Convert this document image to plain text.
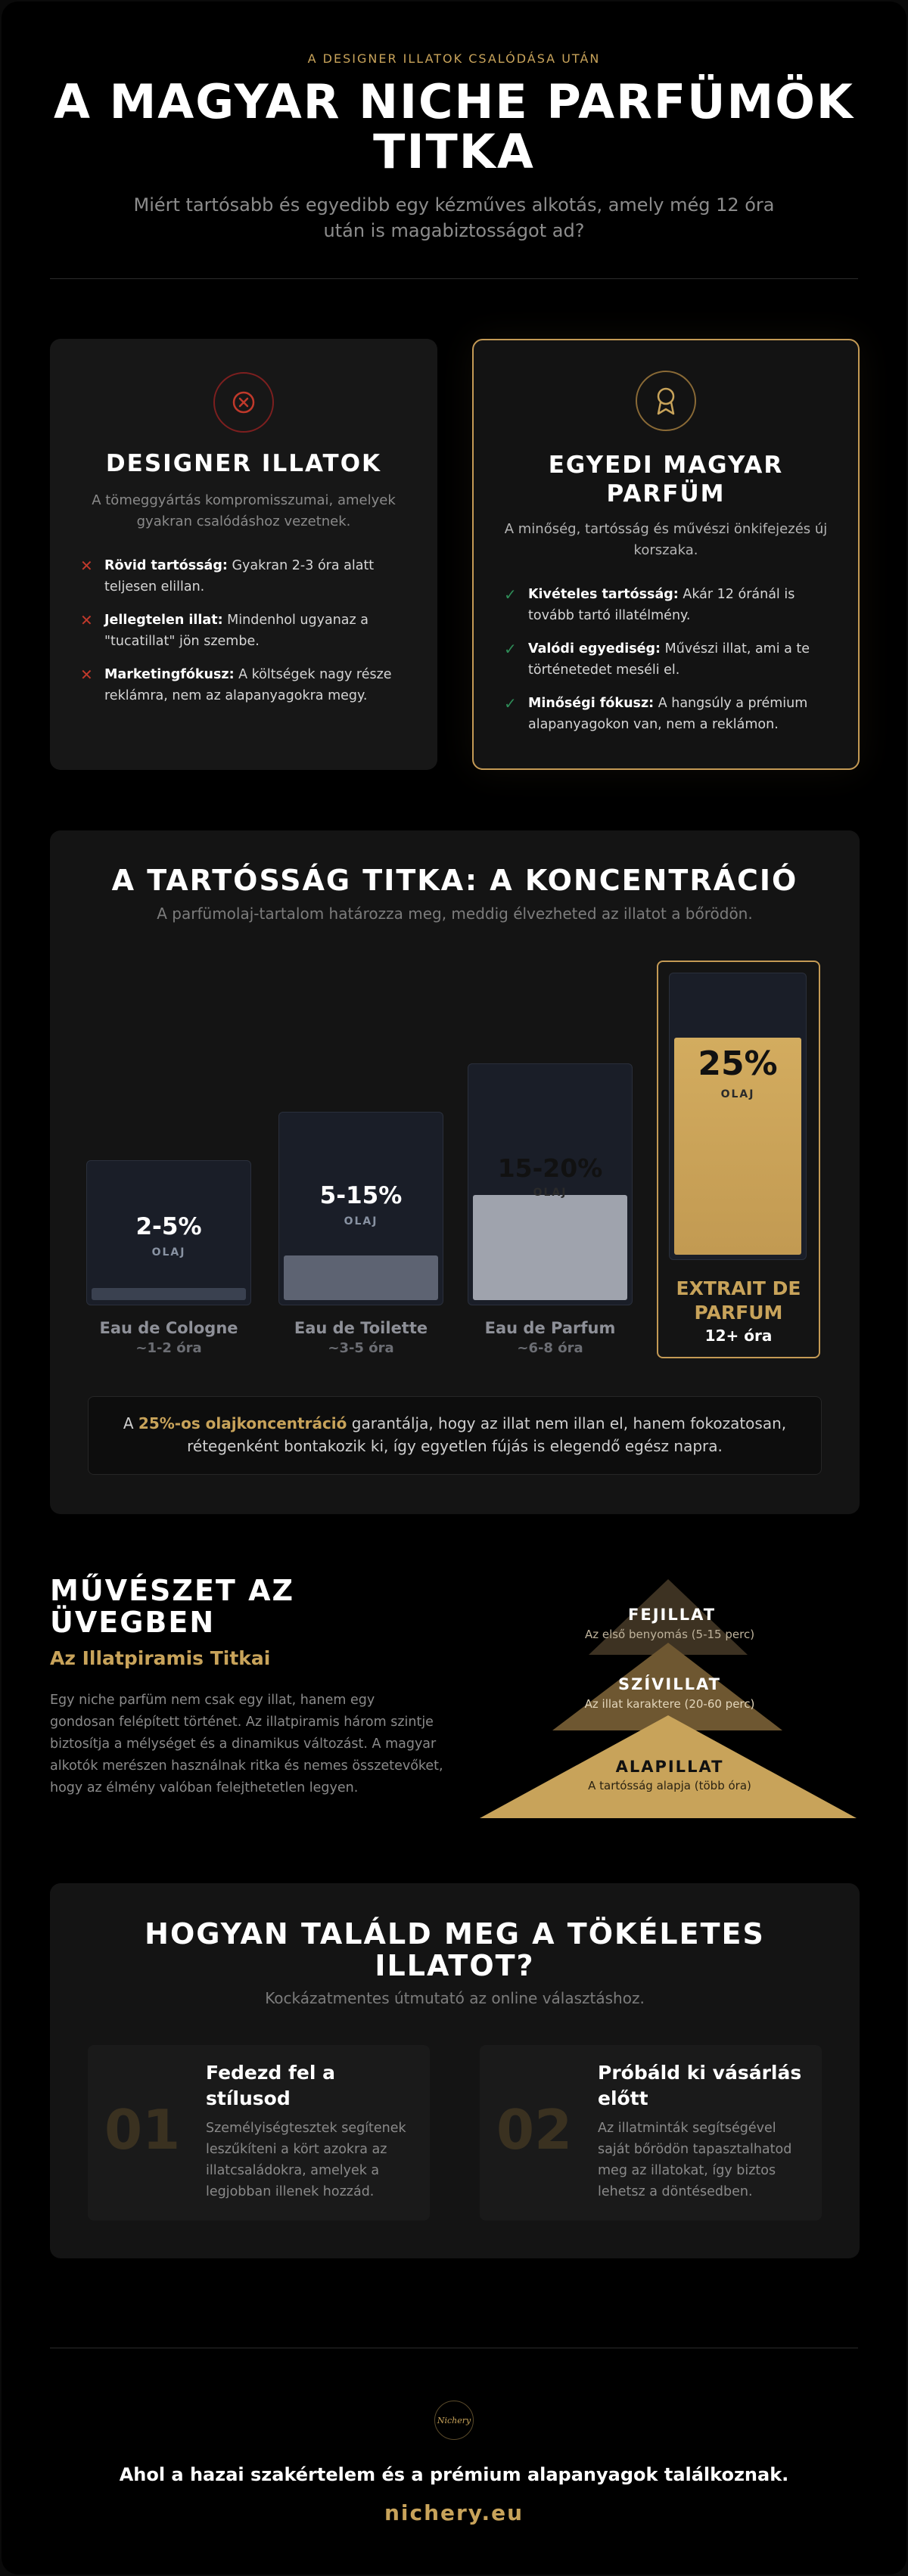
A DESIGNER ILLATOK CSALÓDÁSA UTÁN
A MAGYAR NICHE PARFÜMÖK TITKA
Miért tartósabb és egyedibb egy kézműves alkotás, amely még 12 óra után is magabiztosságot ad?
DESIGNER ILLATOK
A tömeggyártás kompromisszumai, amelyek gyakran csalódáshoz vezetnek.
✕ Rövid tartósság: Gyakran 2-3 óra alatt teljesen elillan.
✕ Jellegtelen illat: Mindenhol ugyanaz a "tucatillat" jön szembe.
✕ Marketingfókusz: A költségek nagy része reklámra, nem az alapanyagokra megy.
EGYEDI MAGYAR PARFÜM
A minőség, tartósság és művészi önkifejezés új korszaka.
✓ Kivételes tartósság: Akár 12 óránál is tovább tartó illatélmény.
✓ Valódi egyediség: Művészi illat, ami a te történetedet meséli el.
✓ Minőségi fókusz: A hangsúly a prémium alapanyagokon van, nem a reklámon.
A TARTÓSSÁG TITKA: A KONCENTRÁCIÓ
A parfümolaj-tartalom határozza meg, meddig élvezheted az illatot a bőrödön.
2-5%
OLAJ
Eau de Cologne
~1-2 óra
5-15%
OLAJ
Eau de Toilette
~3-5 óra
15-20%
OLAJ
Eau de Parfum
~6-8 óra
25%
OLAJ
EXTRAIT DE PARFUM
12+ óra
A 25%-os olajkoncentráció garantálja, hogy az illat nem illan el, hanem fokozatosan, rétegenként bontakozik ki, így egyetlen fújás is elegendő egész napra.
MŰVÉSZET AZ ÜVEGBEN
Az Illatpiramis Titkai
Egy niche parfüm nem csak egy illat, hanem egy gondosan felépített történet. Az illatpiramis három szintje biztosítja a mélységet és a dinamikus változást. A magyar alkotók merészen használnak ritka és nemes összetevőket, hogy az élmény valóban felejthetetlen legyen.
FEJILLAT
Az első benyomás (5-15 perc)
SZÍVILLAT
Az illat karaktere (20-60 perc)
ALAPILLAT
A tartósság alapja (több óra)
HOGYAN TALÁLD MEG A TÖKÉLETES ILLATOT?
Kockázatmentes útmutató az online választáshoz.
01
Fedezd fel a stílusod
Személyiségtesztek segítenek leszűkíteni a kört azokra az illatcsaládokra, amelyek a legjobban illenek hozzád.
02
Próbáld ki vásárlás előtt
Az illatminták segítségével saját bőrödön tapasztalhatod meg az illatokat, így biztos lehetsz a döntésedben.
Nichery
Ahol a hazai szakértelem és a prémium alapanyagok találkoznak.
nichery.eu
